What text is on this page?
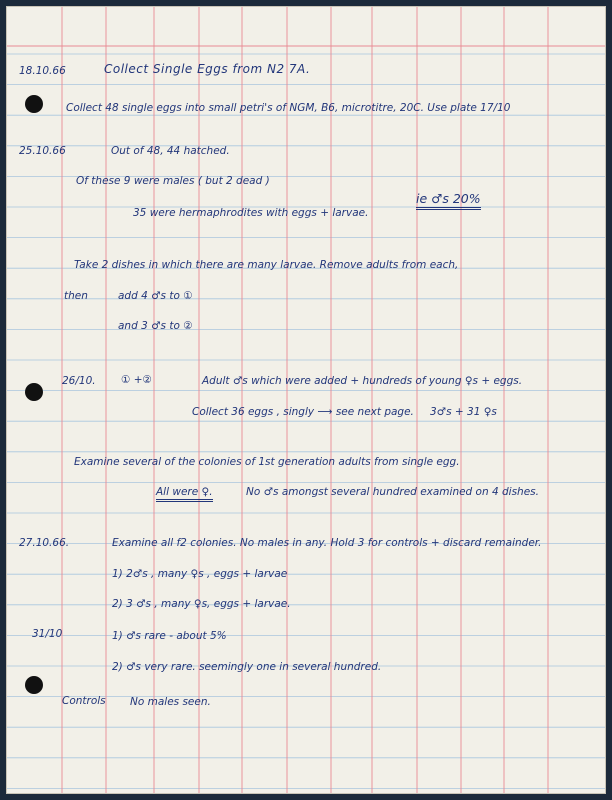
18.10.66	Collect Single Eggs from N2 7A.
Collect 48 single eggs into small petri's of NGM, B6, microtitre, 20C. Use plate 17/10
25.10.66	Out of 48, 44 hatched.
Of these 9 were males ( but 2 dead )
35 were hermaphrodites with eggs + larvae.
ie ♂s 20%
Take 2 dishes in which there are many larvae. Remove adults from each,
then	add 4 ♂s to ①
and 3 ♂s to ②
26/10. ① +②	Adult ♂s which were added + hundreds of young ♀s + eggs.
Collect 36 eggs , singly ⟶ see next page. 3♂s + 31 ♀s
Examine several of the colonies of 1st generation adults from single egg.
All were ♀.	No ♂s amongst several hundred examined on 4 dishes.
27.10.66.	Examine all f2 colonies. No males in any. Hold 3 for controls + discard remainder.
1) 2♂s , many ♀s , eggs + larvae
2) 3 ♂s , many ♀s, eggs + larvae.
31/10	1) ♂s rare - about 5%
2) ♂s very rare. seemingly one in several hundred.
Controls No males seen.
